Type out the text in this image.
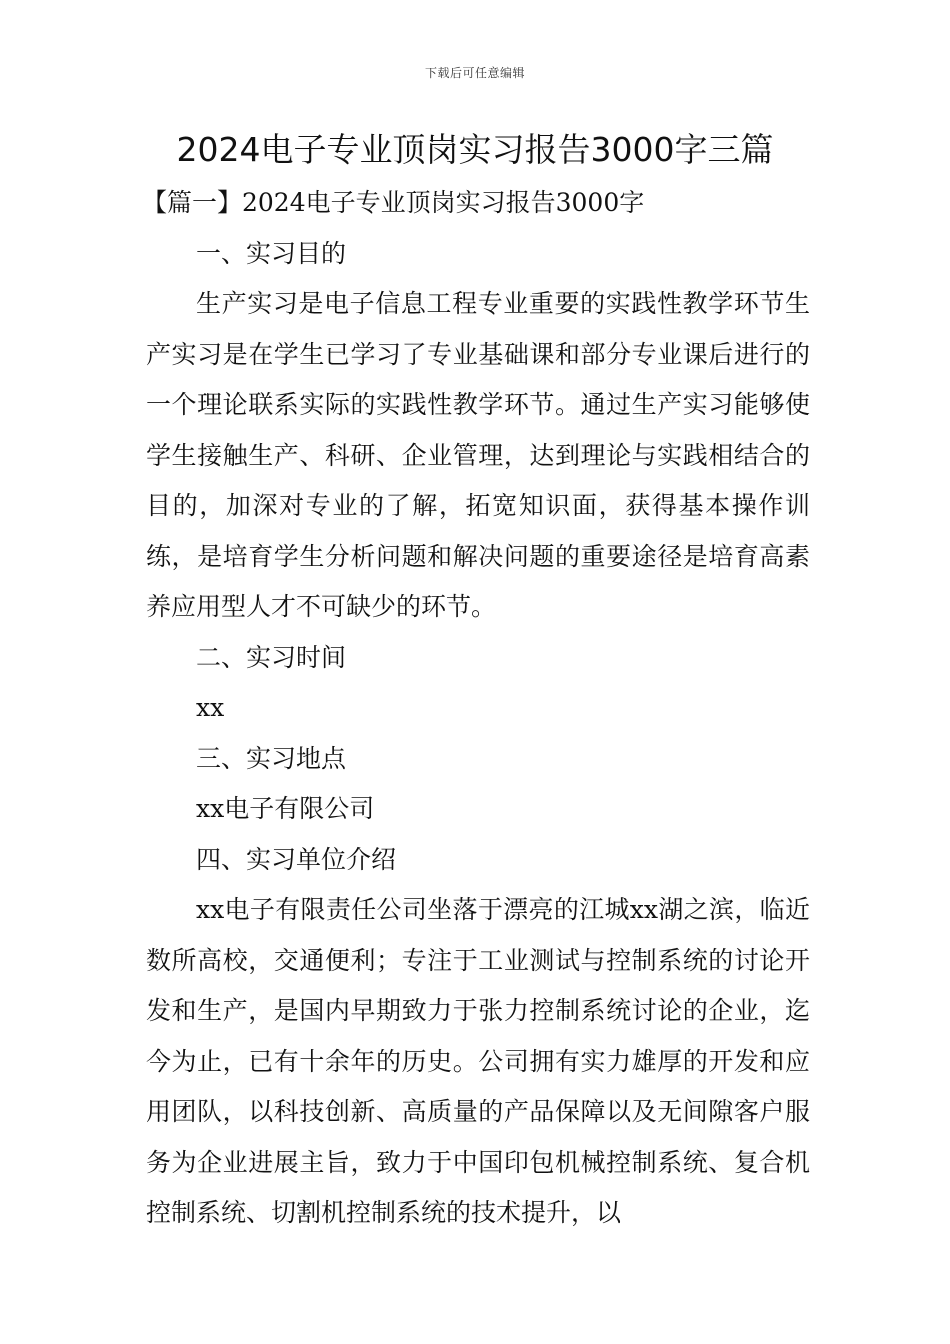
下载后可任意编辑
2024电子专业顶岗实习报告3000字三篇

【篇一】2024电子专业顶岗实习报告3000字

一、实习目的

生产实习是电子信息工程专业重要的实践性教学环节生产实习是在学生已学习了专业基础课和部分专业课后进行的一个理论联系实际的实践性教学环节。通过生产实习能够使学生接触生产、科研、企业管理，达到理论与实践相结合的目的，加深对专业的了解，拓宽知识面，获得基本操作训练，是培育学生分析问题和解决问题的重要途径是培育高素养应用型人才不可缺少的环节。

二、实习时间

xx

三、实习地点

xx电子有限公司

四、实习单位介绍

xx电子有限责任公司坐落于漂亮的江城xx湖之滨，临近数所高校，交通便利；专注于工业测试与控制系统的讨论开发和生产，是国内早期致力于张力控制系统讨论的企业，迄今为止，已有十余年的历史。公司拥有实力雄厚的开发和应用团队，以科技创新、高质量的产品保障以及无间隙客户服务为企业进展主旨，致力于中国印包机械控制系统、复合机控制系统、切割机控制系统的技术提升，以
